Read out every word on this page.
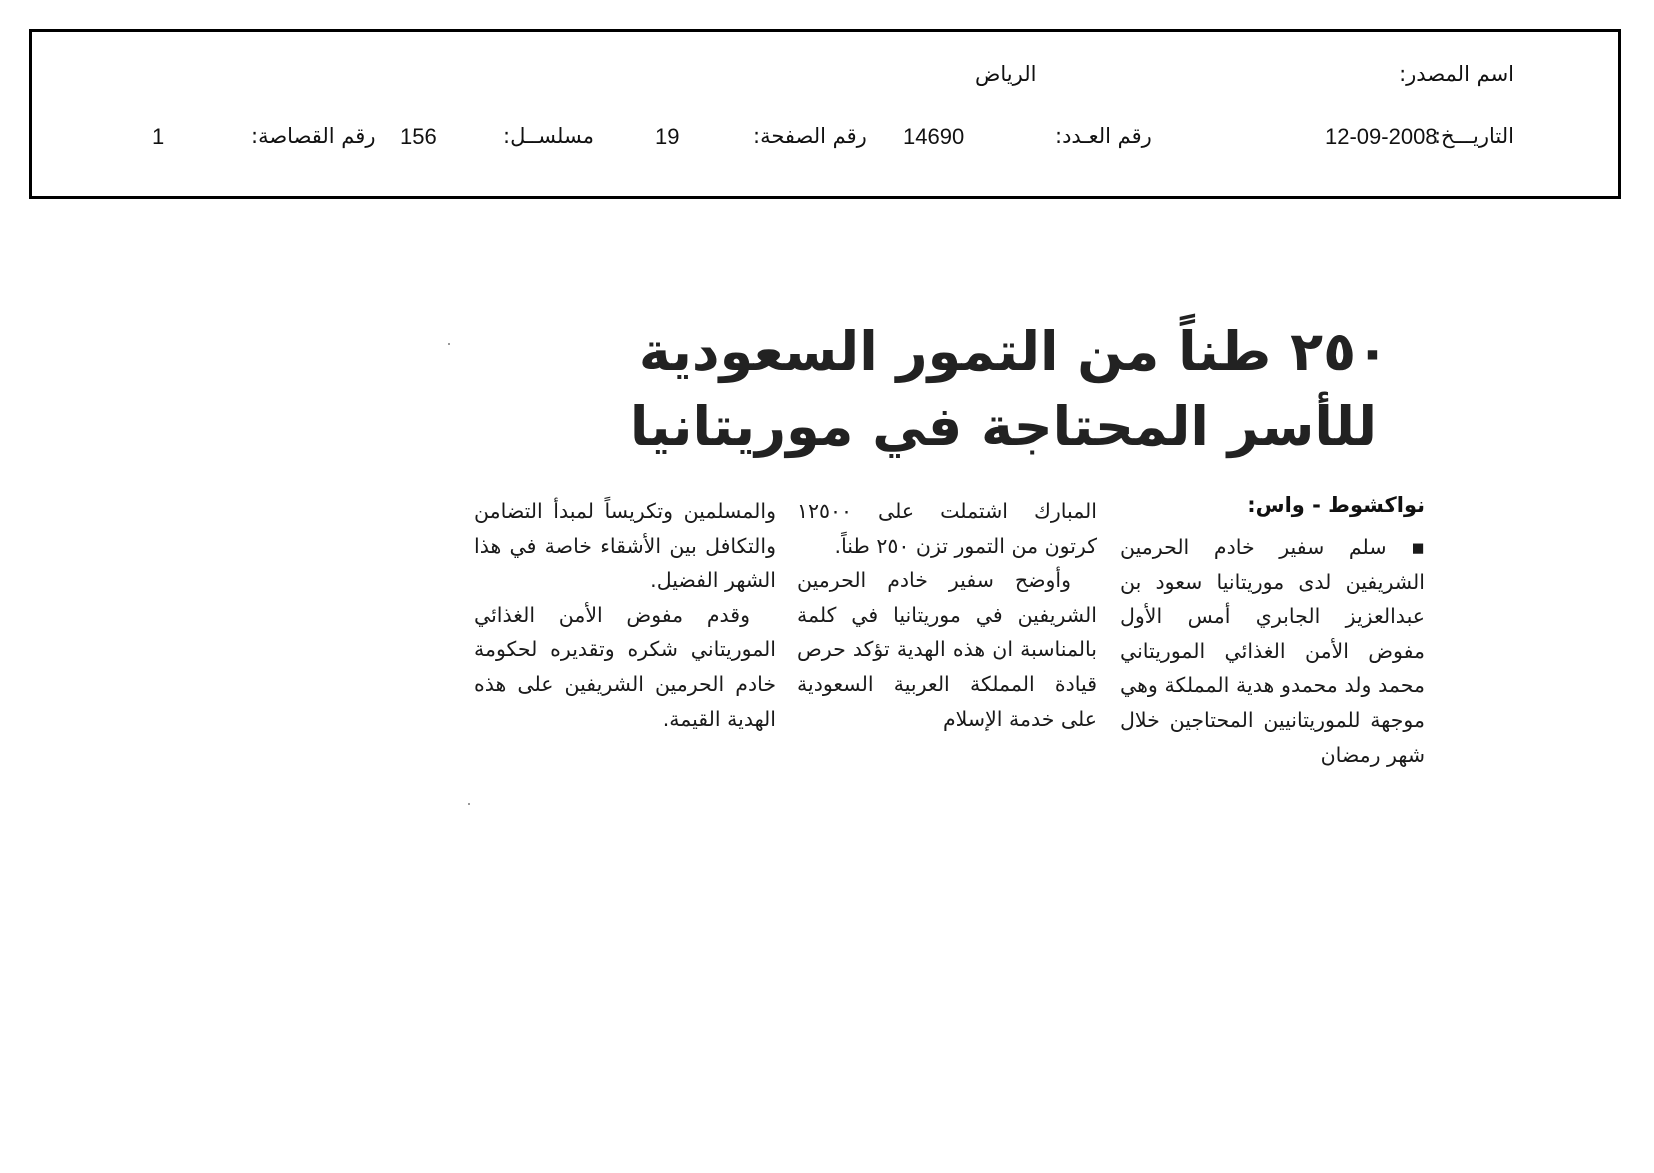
اسم المصدر:
الرياض
التاريـــخ:
12-09-2008
رقم العـدد:
14690
رقم الصفحة:
19
مسلســل:
156
رقم القصاصة:
1
٢٥٠ طناً من التمور السعودية
للأسر المحتاجة في موريتانيا
نواكشوط - واس:

▪ سلم سفير خادم الحرمين الشريفين لدى موريتانيا سعود بن عبدالعزيز الجابري أمس الأول مفوض الأمن الغذائي الموريتاني محمد ولد محمدو هدية المملكة وهي موجهة للموريتانيين المحتاجين خلال شهر رمضان

المبارك اشتملت على ١٢٥٠٠ كرتون من التمور تزن ٢٥٠ طناً.

وأوضح سفير خادم الحرمين الشريفين في موريتانيا في كلمة بالمناسبة ان هذه الهدية تؤكد حرص قيادة المملكة العربية السعودية على خدمة الإسلام

والمسلمين وتكريساً لمبدأ التضامن والتكافل بين الأشقاء خاصة في هذا الشهر الفضيل.

وقدم مفوض الأمن الغذائي الموريتاني شكره وتقديره لحكومة خادم الحرمين الشريفين على هذه الهدية القيمة.
